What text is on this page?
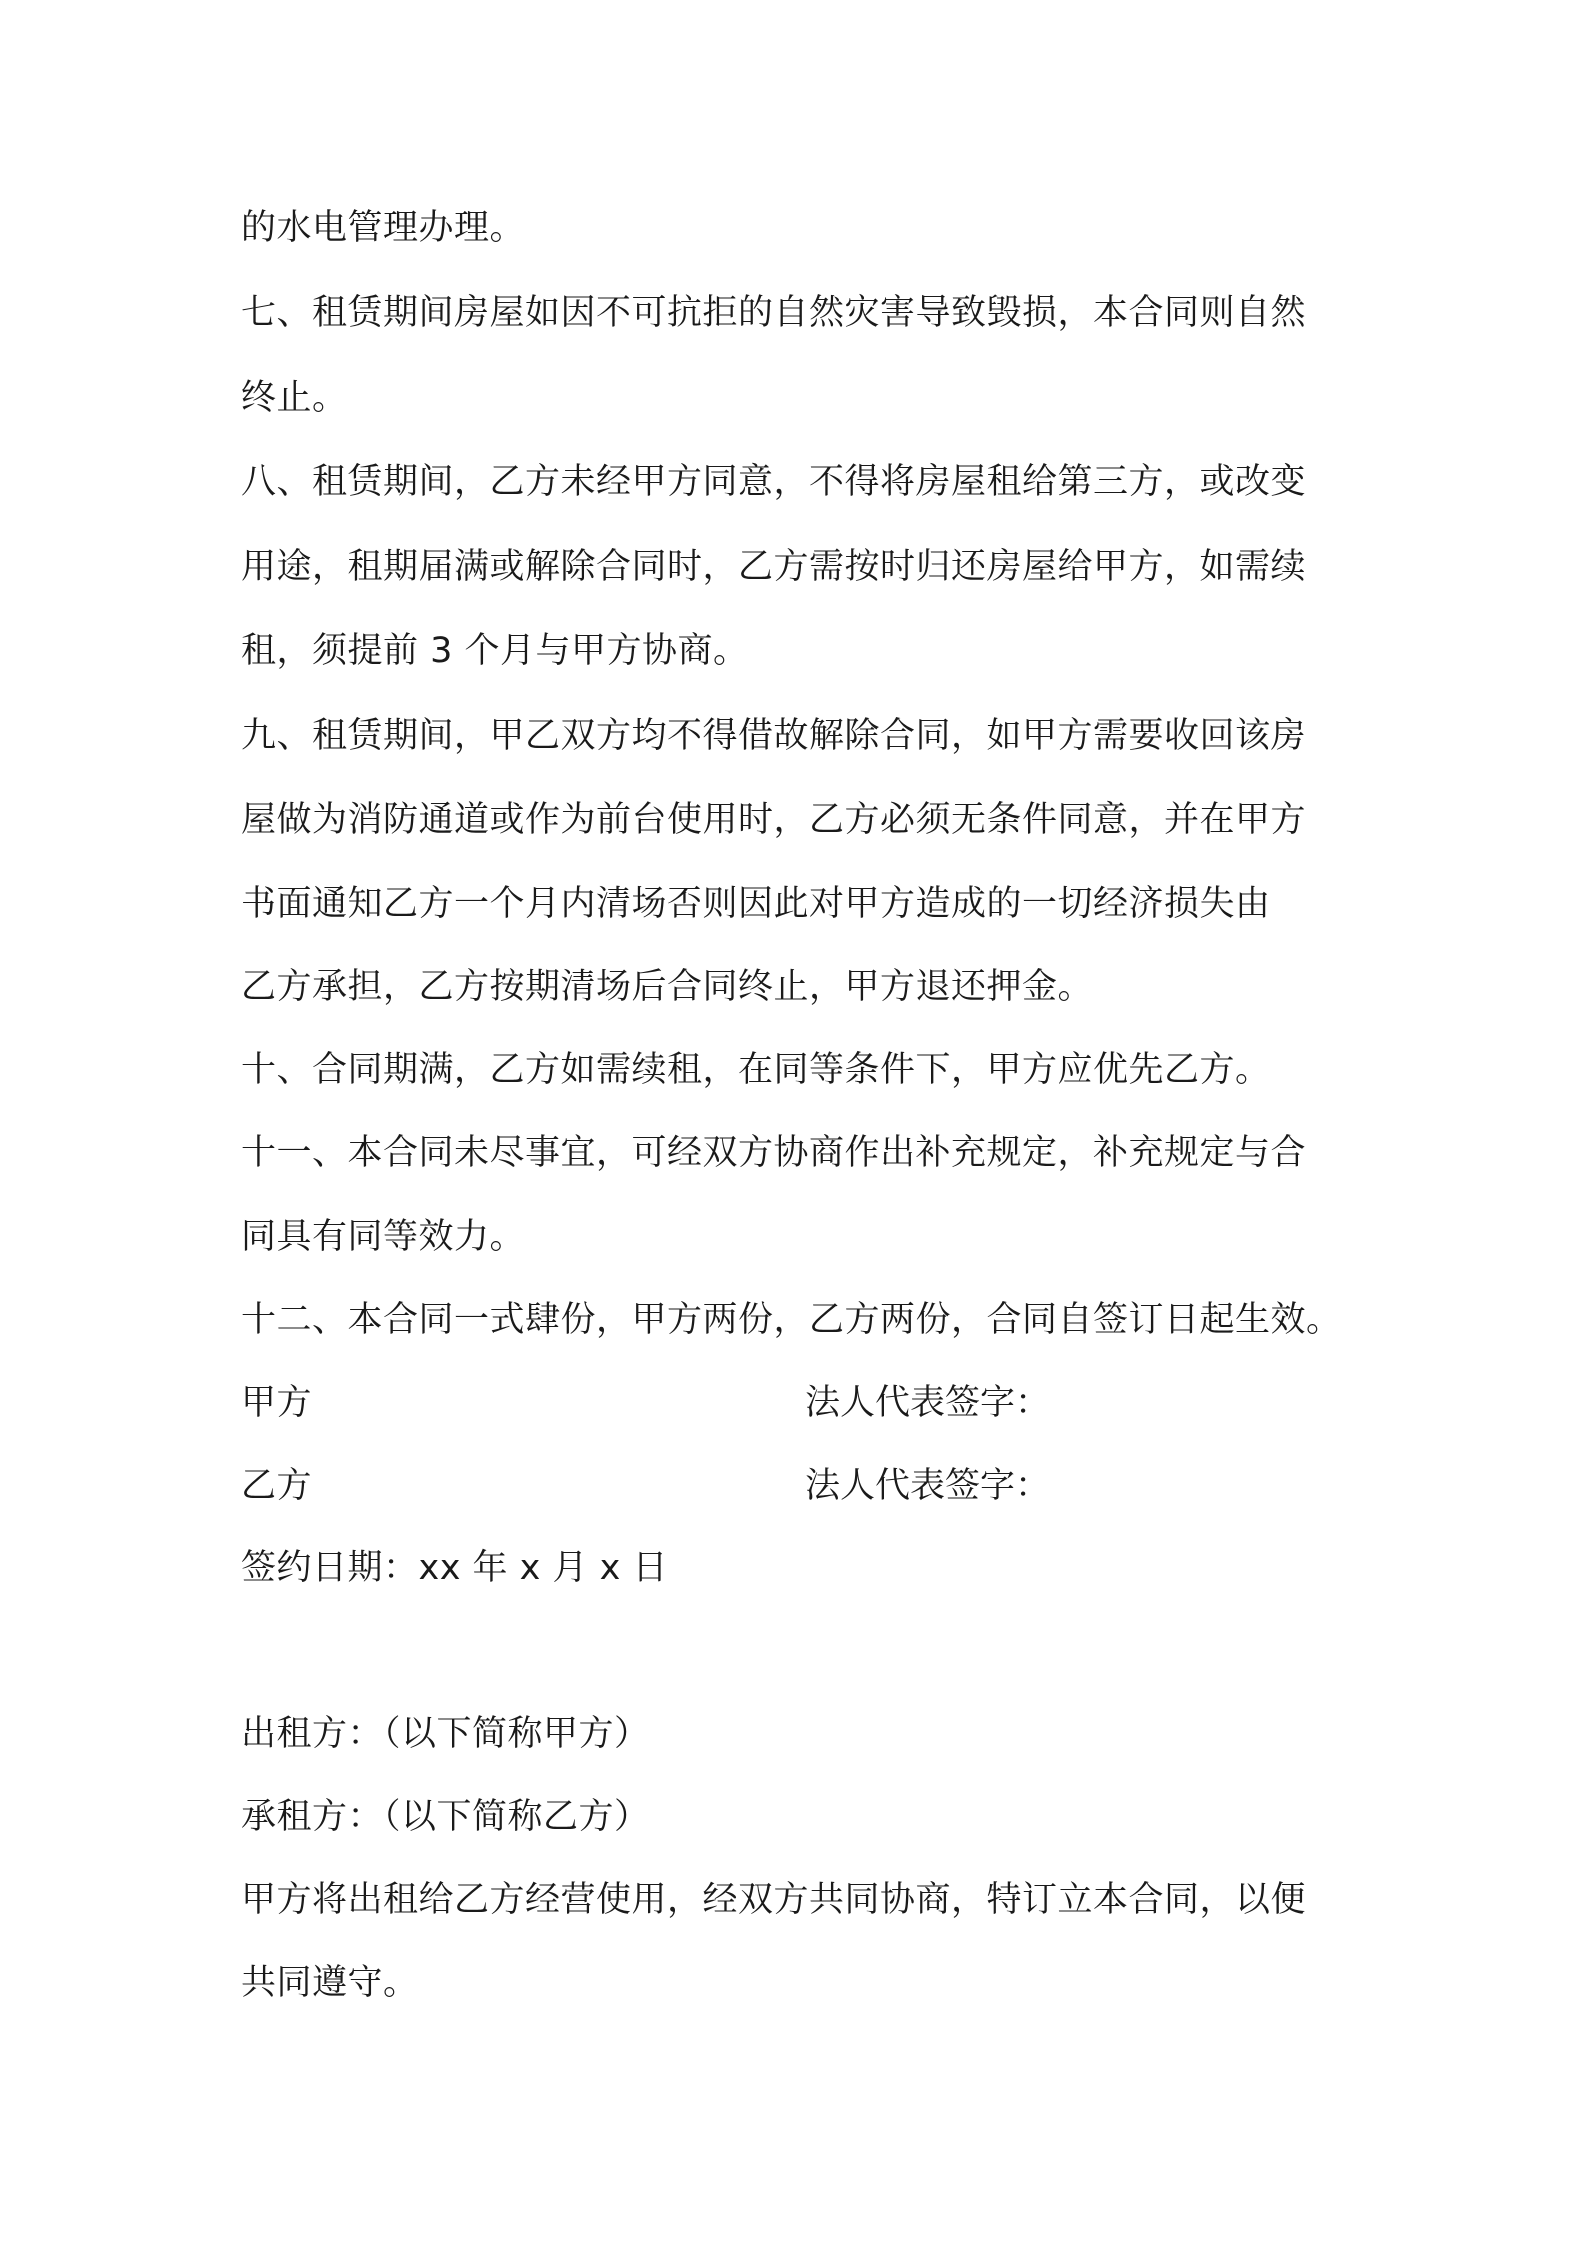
的水电管理办理。
七、租赁期间房屋如因不可抗拒的自然灾害导致毁损，本合同则自然
终止。
八、租赁期间，乙方未经甲方同意，不得将房屋租给第三方，或改变
用途，租期届满或解除合同时，乙方需按时归还房屋给甲方，如需续
租，须提前 3 个月与甲方协商。
九、租赁期间，甲乙双方均不得借故解除合同，如甲方需要收回该房
屋做为消防通道或作为前台使用时，乙方必须无条件同意，并在甲方
书面通知乙方一个月内清场否则因此对甲方造成的一切经济损失由
乙方承担，乙方按期清场后合同终止，甲方退还押金。
十、合同期满，乙方如需续租，在同等条件下，甲方应优先乙方。
十一、本合同未尽事宜，可经双方协商作出补充规定，补充规定与合
同具有同等效力。
十二、本合同一式肆份，甲方两份，乙方两份，合同自签订日起生效。
甲方	法人代表签字：
乙方	法人代表签字：
签约日期：xx 年 x 月 x 日
出租方：（以下简称甲方）
承租方：（以下简称乙方）
甲方将出租给乙方经营使用，经双方共同协商，特订立本合同，以便
共同遵守。
